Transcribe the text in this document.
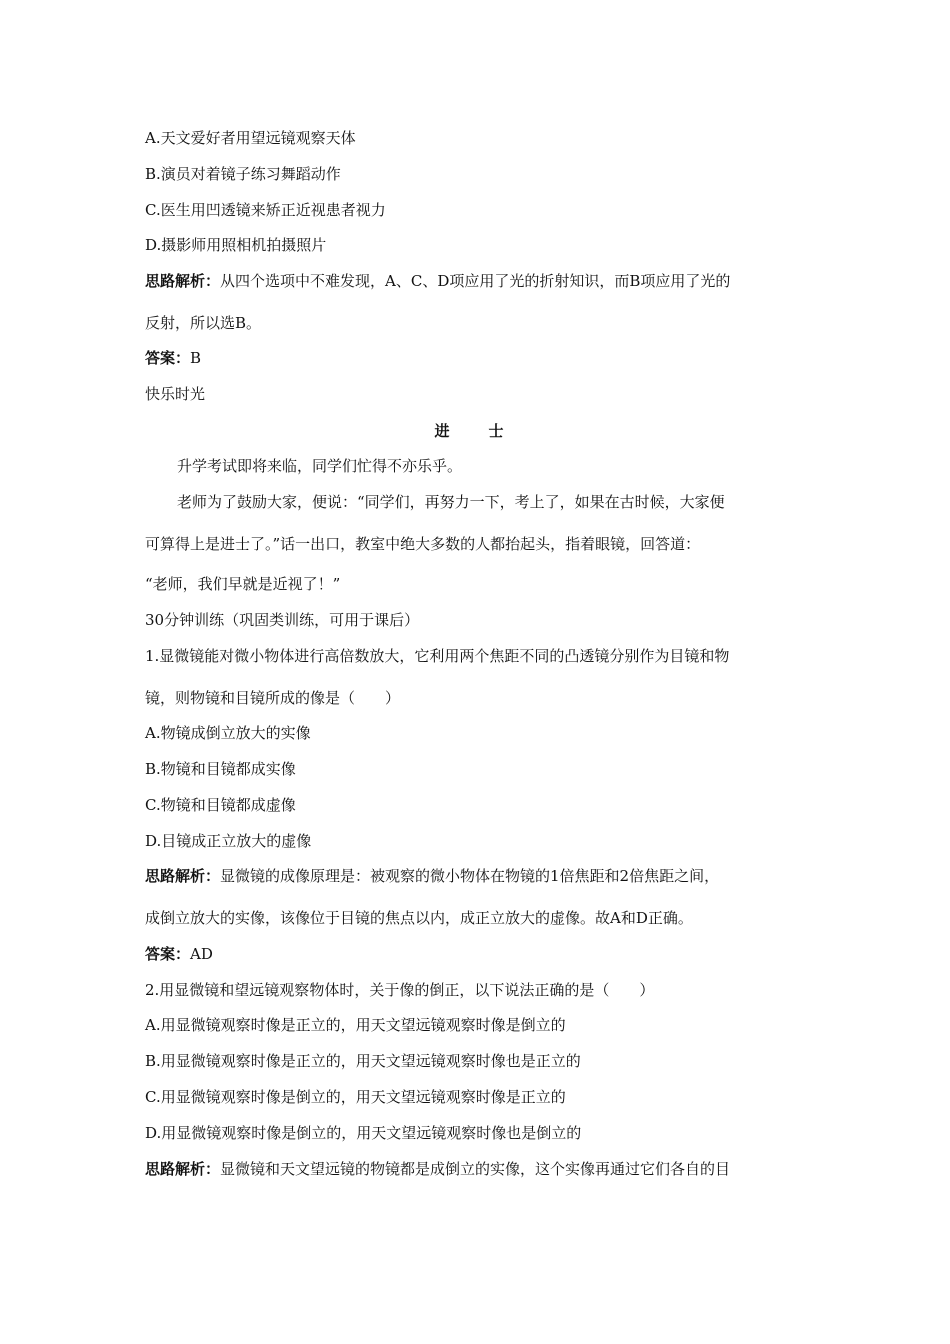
A.天文爱好者用望远镜观察天体
B.演员对着镜子练习舞蹈动作
C.医生用凹透镜来矫正近视患者视力
D.摄影师用照相机拍摄照片
思路解析：从四个选项中不难发现，A、C、D项应用了光的折射知识，而B项应用了光的
反射，所以选B。
答案：B
快乐时光
进　士
升学考试即将来临，同学们忙得不亦乐乎。
老师为了鼓励大家，便说：“同学们，再努力一下，考上了，如果在古时候，大家便
可算得上是进士了。”话一出口，教室中绝大多数的人都抬起头，指着眼镜，回答道：
“老师，我们早就是近视了！”
30分钟训练（巩固类训练，可用于课后）
1.显微镜能对微小物体进行高倍数放大，它利用两个焦距不同的凸透镜分别作为目镜和物
镜，则物镜和目镜所成的像是（　　）
A.物镜成倒立放大的实像
B.物镜和目镜都成实像
C.物镜和目镜都成虚像
D.目镜成正立放大的虚像
思路解析：显微镜的成像原理是：被观察的微小物体在物镜的1倍焦距和2倍焦距之间，
成倒立放大的实像，该像位于目镜的焦点以内，成正立放大的虚像。故A和D正确。
答案：AD
2.用显微镜和望远镜观察物体时，关于像的倒正，以下说法正确的是（　　）
A.用显微镜观察时像是正立的，用天文望远镜观察时像是倒立的
B.用显微镜观察时像是正立的，用天文望远镜观察时像也是正立的
C.用显微镜观察时像是倒立的，用天文望远镜观察时像是正立的
D.用显微镜观察时像是倒立的，用天文望远镜观察时像也是倒立的
思路解析：显微镜和天文望远镜的物镜都是成倒立的实像，这个实像再通过它们各自的目
